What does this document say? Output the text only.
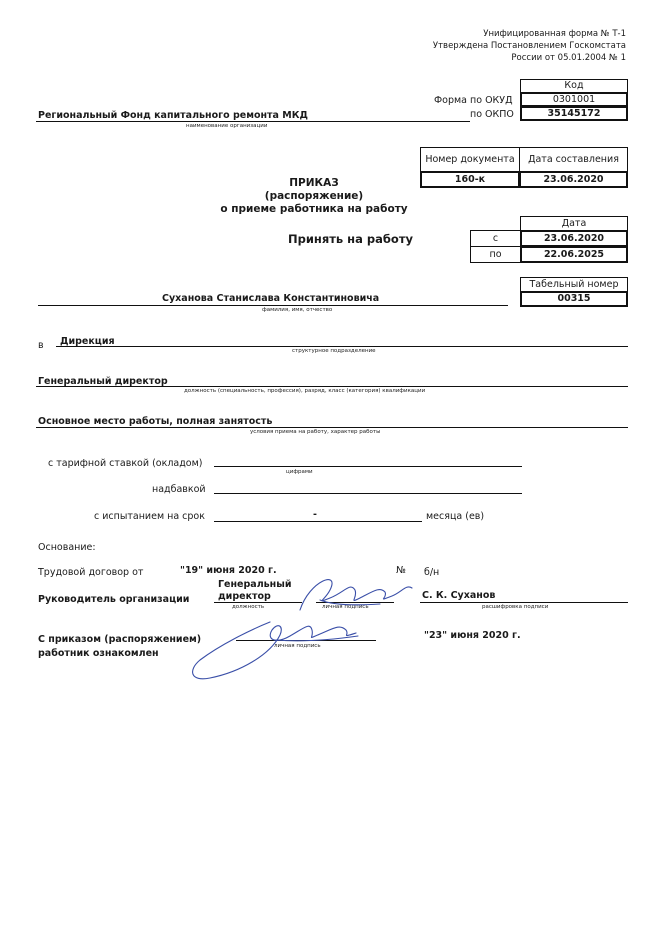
Унифицированная форма № Т-1
Утверждена Постановлением Госкомстата
России от 05.01.2004 № 1
Код
Форма по ОКУД	0301001
по ОКПО	35145172
Региональный Фонд капитального ремонта МКД
наименование организации
Номер документа	Дата составления
160-к	23.06.2020
ПРИКАЗ
(распоряжение)
о приеме работника на работу
Принять на работу
Дата
с	23.06.2020
по	22.06.2025
Табельный номер
00315
Суханова Станислава Константиновича
фамилия, имя, отчество
в Дирекция
структурное подразделение
Генеральный директор
должность (специальность, профессия), разряд, класс (категория) квалификации
Основное место работы, полная занятость
условия приема на работу, характер работы
с тарифной ставкой (окладом)
цифрами
надбавкой
с испытанием на срок	-	месяца (ев)
Основание:
Трудовой договор от	"19" июня 2020 г.	№ б/н
Руководитель организации
Генеральный
директор
должность	личная подпись
С. К. Суханов
расшифровка подписи
С приказом (распоряжением)
работник ознакомлен
личная подпись
"23" июня 2020 г.
